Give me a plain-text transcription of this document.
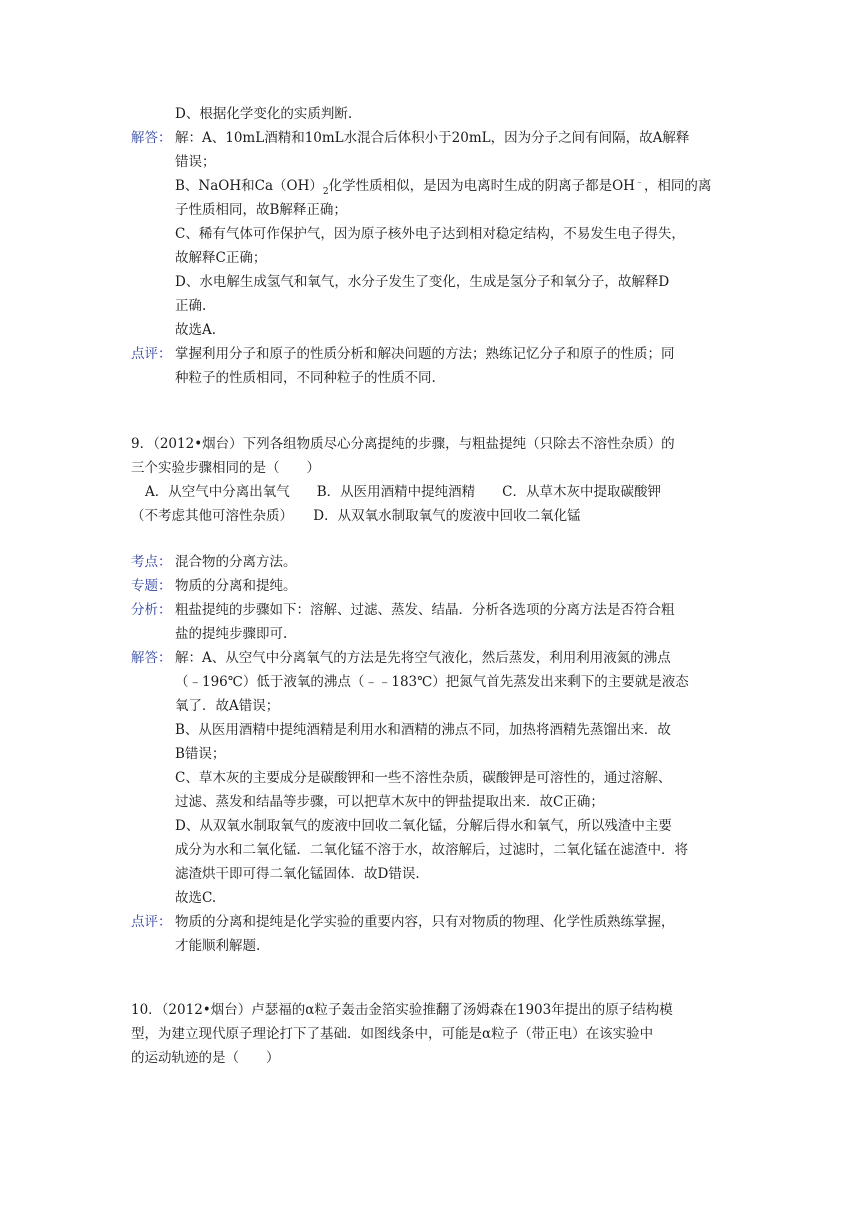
D、根据化学变化的实质判断.
解答： 解：A、10mL酒精和10mL水混合后体积小于20mL，因为分子之间有间隔，故A解释
错误；
B、NaOH和$Ca(OH)_2$化学性质相似，是因为电离时生成的阴离子都是OH﹣，相同的离
子性质相同，故B解释正确；
C、稀有气体可作保护气，因为原子核外电子达到相对稳定结构，不易发生电子得失，
故解释C正确；
D、水电解生成氢气和氧气，水分子发生了变化，生成是氢分子和氧分子，故解释D
正确.
故选A.
点评： 掌握利用分子和原子的性质分析和解决问题的方法；熟练记忆分子和原子的性质；同
种粒子的性质相同，不同种粒子的性质不同.
9．（2012•烟台）下列各组物质尽心分离提纯的步骤，与粗盐提纯（只除去不溶性杂质）的
三个实验步骤相同的是（　　）
A．从空气中分离出氧气　　B．从医用酒精中提纯酒精　　C．从草木灰中提取碳酸钾
（不考虑其他可溶性杂质）　　D．从双氧水制取氧气的废液中回收二氧化锰
考点： 混合物的分离方法。
专题： 物质的分离和提纯。
分析： 粗盐提纯的步骤如下：溶解、过滤、蒸发、结晶．分析各选项的分离方法是否符合粗
盐的提纯步骤即可.
解答： 解：A、从空气中分离氧气的方法是先将空气液化，然后蒸发，利用利用液氮的沸点
（﹣196℃）低于液氧的沸点（﹣﹣183℃）把氮气首先蒸发出来剩下的主要就是液态
氧了．故A错误；
B、从医用酒精中提纯酒精是利用水和酒精的沸点不同，加热将酒精先蒸馏出来．故
B错误；
C、草木灰的主要成分是碳酸钾和一些不溶性杂质，碳酸钾是可溶性的，通过溶解、
过滤、蒸发和结晶等步骤，可以把草木灰中的钾盐提取出来．故C正确；
D、从双氧水制取氧气的废液中回收二氧化锰，分解后得水和氧气，所以残渣中主要
成分为水和二氧化锰．二氧化锰不溶于水，故溶解后，过滤时，二氧化锰在滤渣中．将
滤渣烘干即可得二氧化锰固体．故D错误.
故选C.
点评： 物质的分离和提纯是化学实验的重要内容，只有对物质的物理、化学性质熟练掌握，
才能顺利解题.
10．（2012•烟台）卢瑟福的α粒子轰击金箔实验推翻了汤姆森在1903年提出的原子结构模
型，为建立现代原子理论打下了基础．如图线条中，可能是α粒子（带正电）在该实验中
的运动轨迹的是（　　）
